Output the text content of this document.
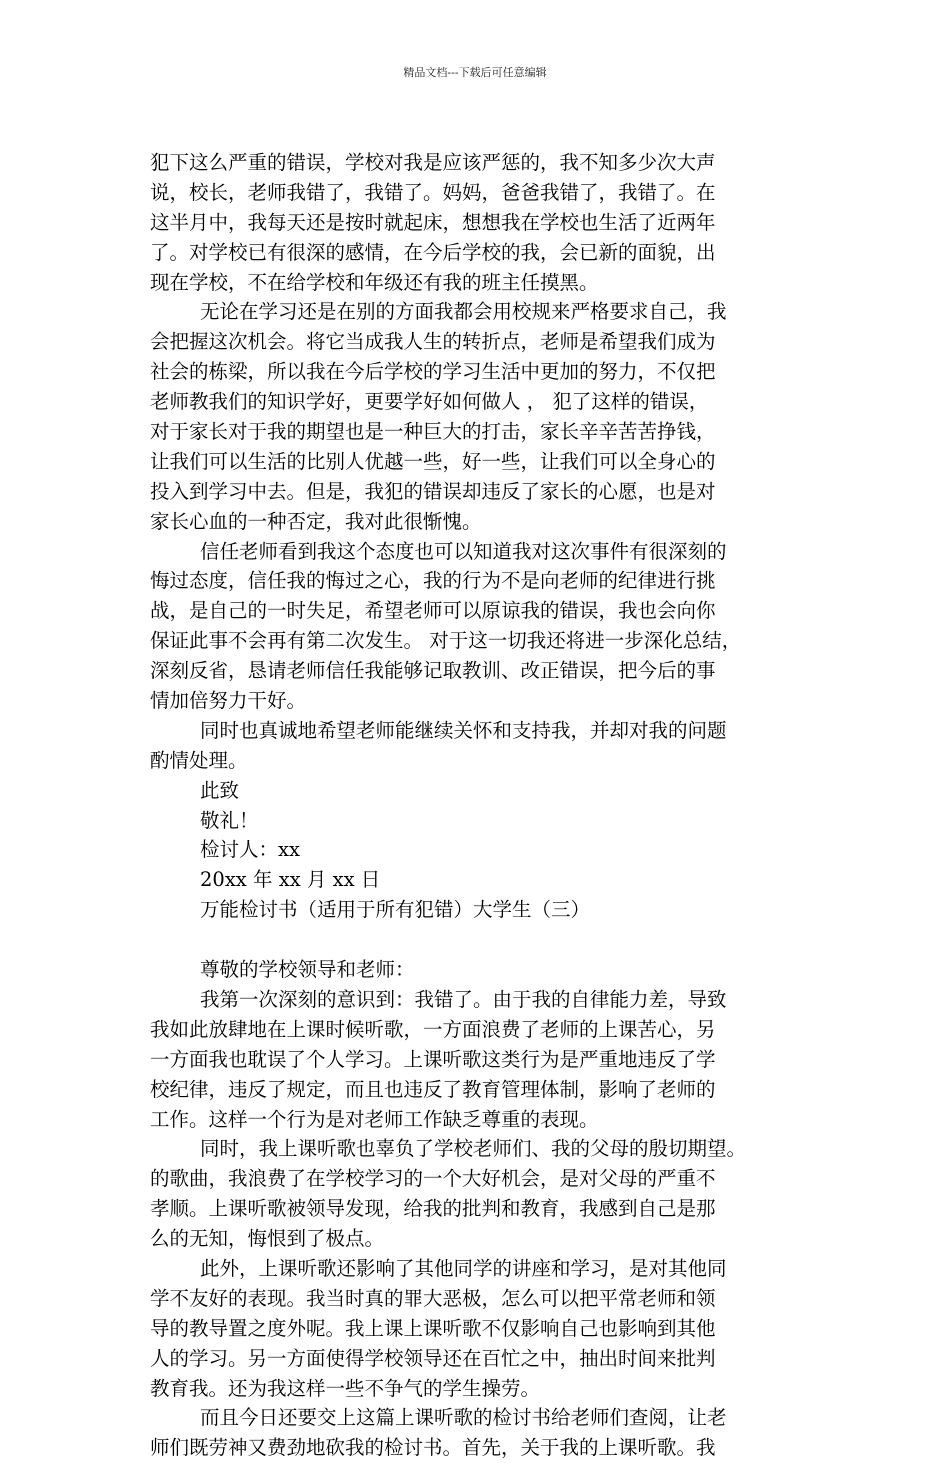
精品文档---下载后可任意编辑
犯下这么严重的错误，学校对我是应该严惩的，我不知多少次大声
说，校长，老师我错了，我错了。妈妈，爸爸我错了，我错了。在
这半月中，我每天还是按时就起床，想想我在学校也生活了近两年
了。对学校已有很深的感情，在今后学校的我，会已新的面貌，出
现在学校，不在给学校和年级还有我的班主任摸黑。
无论在学习还是在别的方面我都会用校规来严格要求自己，我
会把握这次机会。将它当成我人生的转折点，老师是希望我们成为
社会的栋梁，所以我在今后学校的学习生活中更加的努力，不仅把
老师教我们的知识学好，更要学好如何做人 ， 犯了这样的错误，
对于家长对于我的期望也是一种巨大的打击，家长辛辛苦苦挣钱，
让我们可以生活的比别人优越一些，好一些，让我们可以全身心的
投入到学习中去。但是，我犯的错误却违反了家长的心愿，也是对
家长心血的一种否定，我对此很惭愧。
信任老师看到我这个态度也可以知道我对这次事件有很深刻的
悔过态度，信任我的悔过之心，我的行为不是向老师的纪律进行挑
战，是自己的一时失足，希望老师可以原谅我的错误，我也会向你
保证此事不会再有第二次发生。 对于这一切我还将进一步深化总结，
深刻反省，恳请老师信任我能够记取教训、改正错误，把今后的事
情加倍努力干好。
同时也真诚地希望老师能继续关怀和支持我，并却对我的问题
酌情处理。
此致
敬礼！
检讨人：xx
20xx 年 xx 月 xx 日
万能检讨书（适用于所有犯错）大学生（三）
尊敬的学校领导和老师：
我第一次深刻的意识到：我错了。由于我的自律能力差，导致
我如此放肆地在上课时候听歌，一方面浪费了老师的上课苦心，另
一方面我也耽误了个人学习。上课听歌这类行为是严重地违反了学
校纪律，违反了规定，而且也违反了教育管理体制，影响了老师的
工作。这样一个行为是对老师工作缺乏尊重的表现。
同时，我上课听歌也辜负了学校老师们、我的父母的殷切期望。
的歌曲，我浪费了在学校学习的一个大好机会，是对父母的严重不
孝顺。上课听歌被领导发现，给我的批判和教育，我感到自己是那
么的无知，悔恨到了极点。
此外，上课听歌还影响了其他同学的讲座和学习，是对其他同
学不友好的表现。我当时真的罪大恶极，怎么可以把平常老师和领
导的教导置之度外呢。我上课上课听歌不仅影响自己也影响到其他
人的学习。另一方面使得学校领导还在百忙之中，抽出时间来批判
教育我。还为我这样一些不争气的学生操劳。
而且今日还要交上这篇上课听歌的检讨书给老师们查阅，让老
师们既劳神又费劲地砍我的检讨书。首先，关于我的上课听歌。我
